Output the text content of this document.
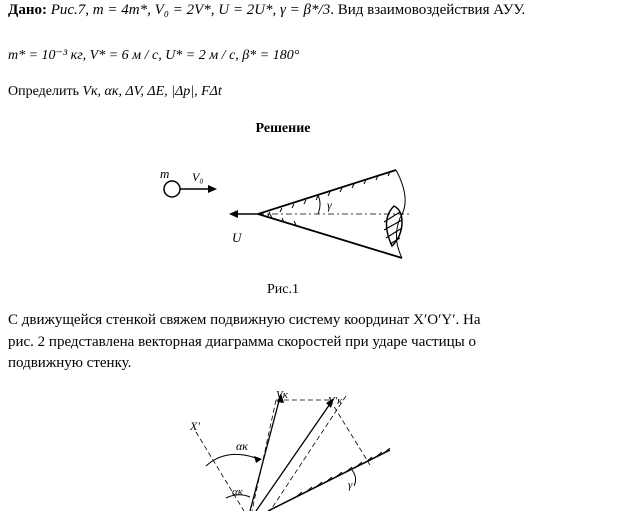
Дано: Рис.7, m = 4m*, V₀ = 2V*, U = 2U*, γ = β*/3. Вид взаимовоздействия АУУ.
m* = 10⁻³ кг, V* = 6 м / с, U* = 2 м / с, β* = 180°
Определить Vк, αк, ΔV, ΔE, |Δp|, FΔt
Решение
m V₀
U
γ
Рис.1
С движущейся стенкой свяжем подвижную систему координат X′O′Y′. На
рис. 2 представлена векторная диаграмма скоростей при ударе частицы о
подвижную стенку.
X′
αк
αк
Vк	V′к
γ
